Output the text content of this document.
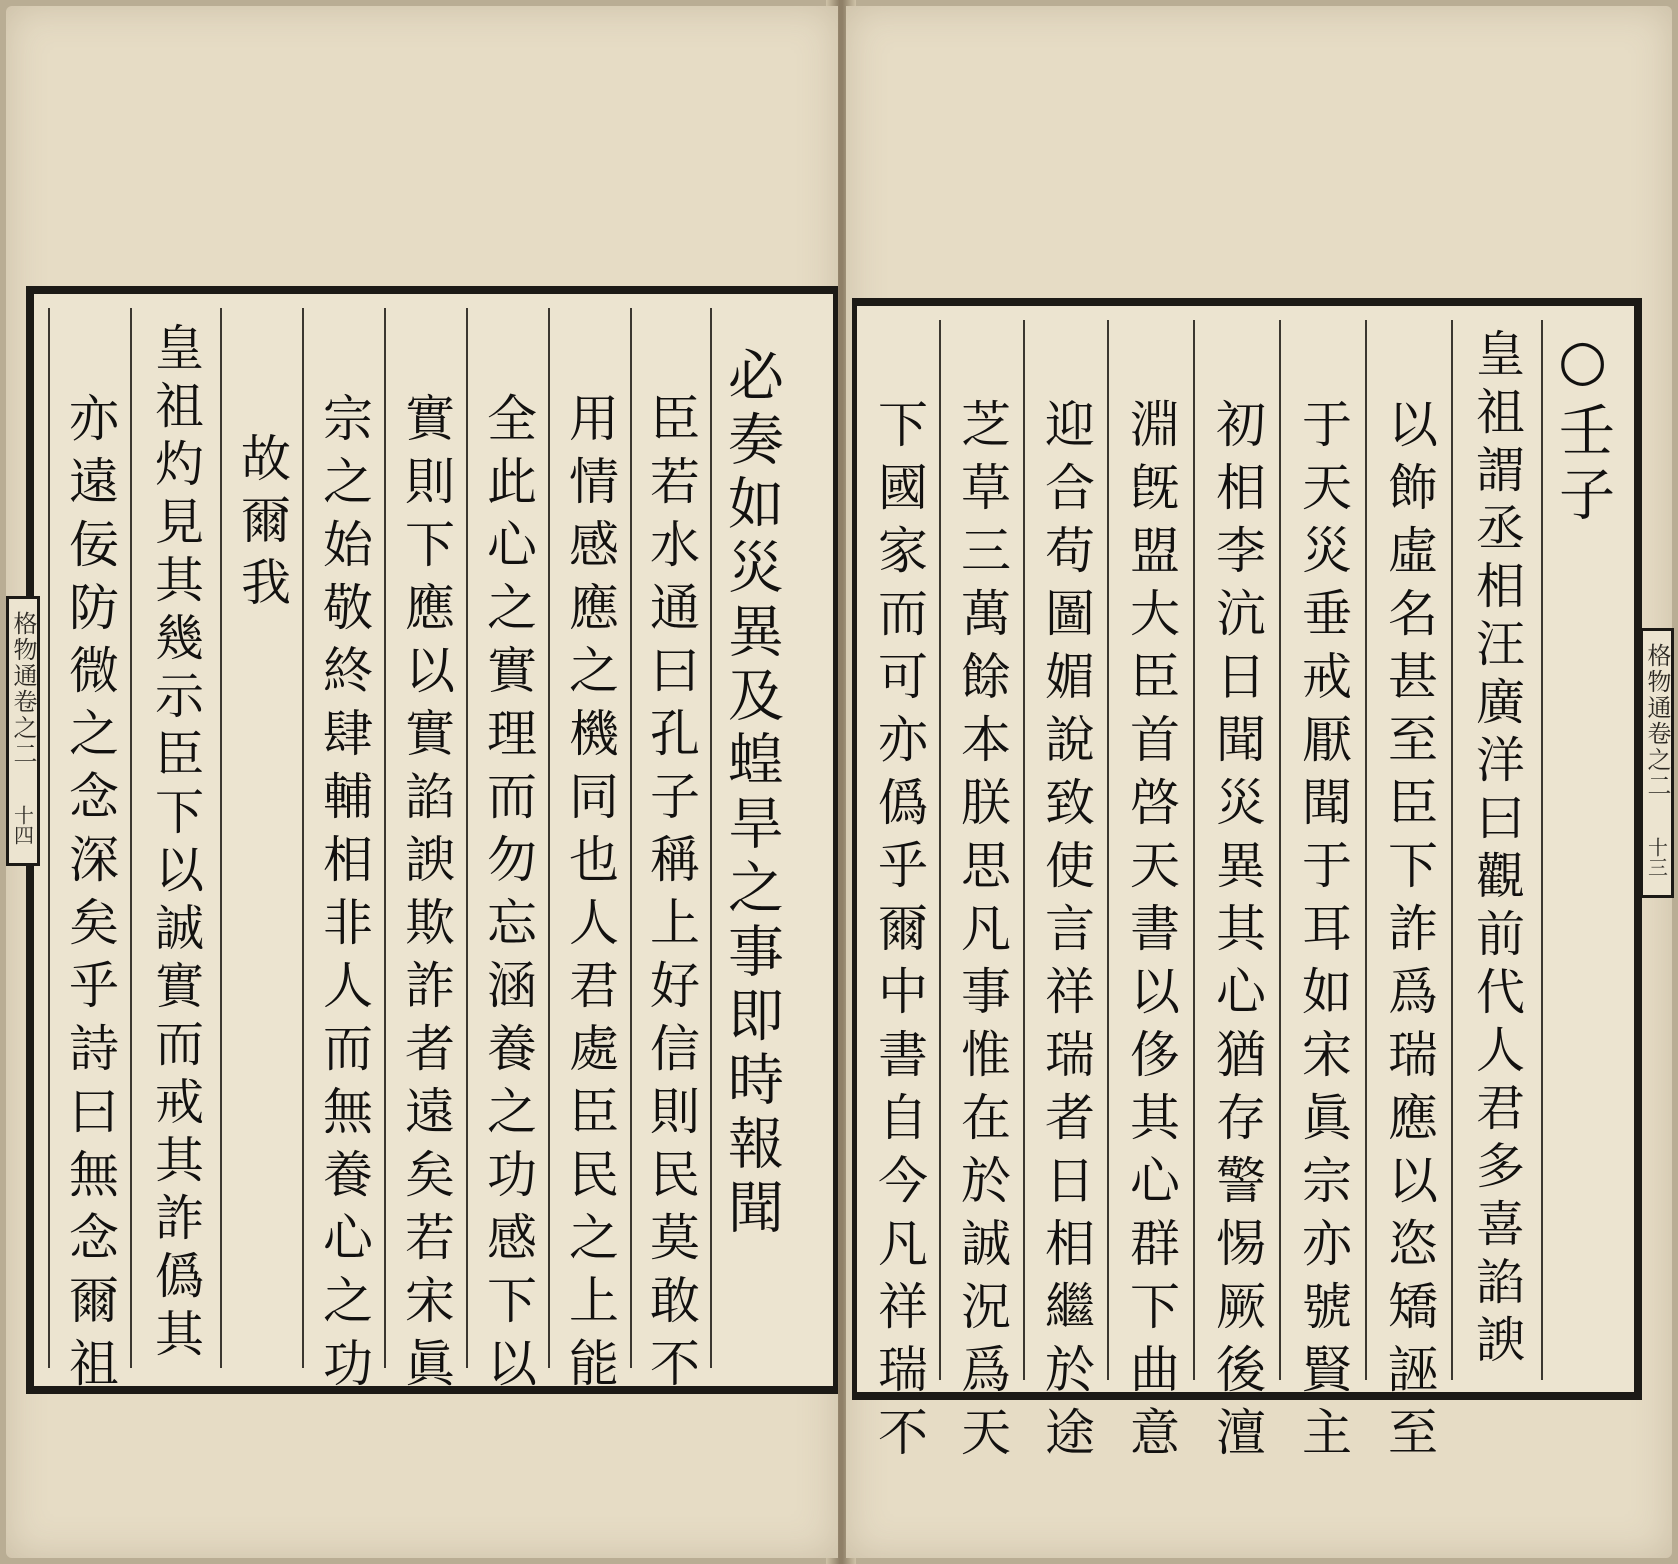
必奏如災異及蝗旱之事即時報聞
臣若水通曰孔子稱上好信則民莫敢不
用情感應之機同也人君處臣民之上能
全此心之實理而勿忘涵養之功感下以
實則下應以實諂諛欺詐者遠矣若宋眞
宗之始敬終肆輔相非人而無養心之功
故爾我
皇祖灼見其幾示臣下以誠實而戒其詐僞其
亦遠佞防微之念深矣乎詩曰無念爾祖
格物通卷之二
十四
○壬子
皇祖謂丞相汪廣洋曰觀前代人君多喜諂諛
以飾虛名甚至臣下詐爲瑞應以恣矯誣至
于天災垂戒厭聞于耳如宋眞宗亦號賢主
初相李沆日聞災異其心猶存警惕厥後澶
淵旣盟大臣首啓天書以侈其心群下曲意
迎合苟圖媚說致使言祥瑞者日相繼於途
芝草三萬餘本朕思凡事惟在於誠況爲天
下國家而可亦僞乎爾中書自今凡祥瑞不	格物通卷之二
十三
